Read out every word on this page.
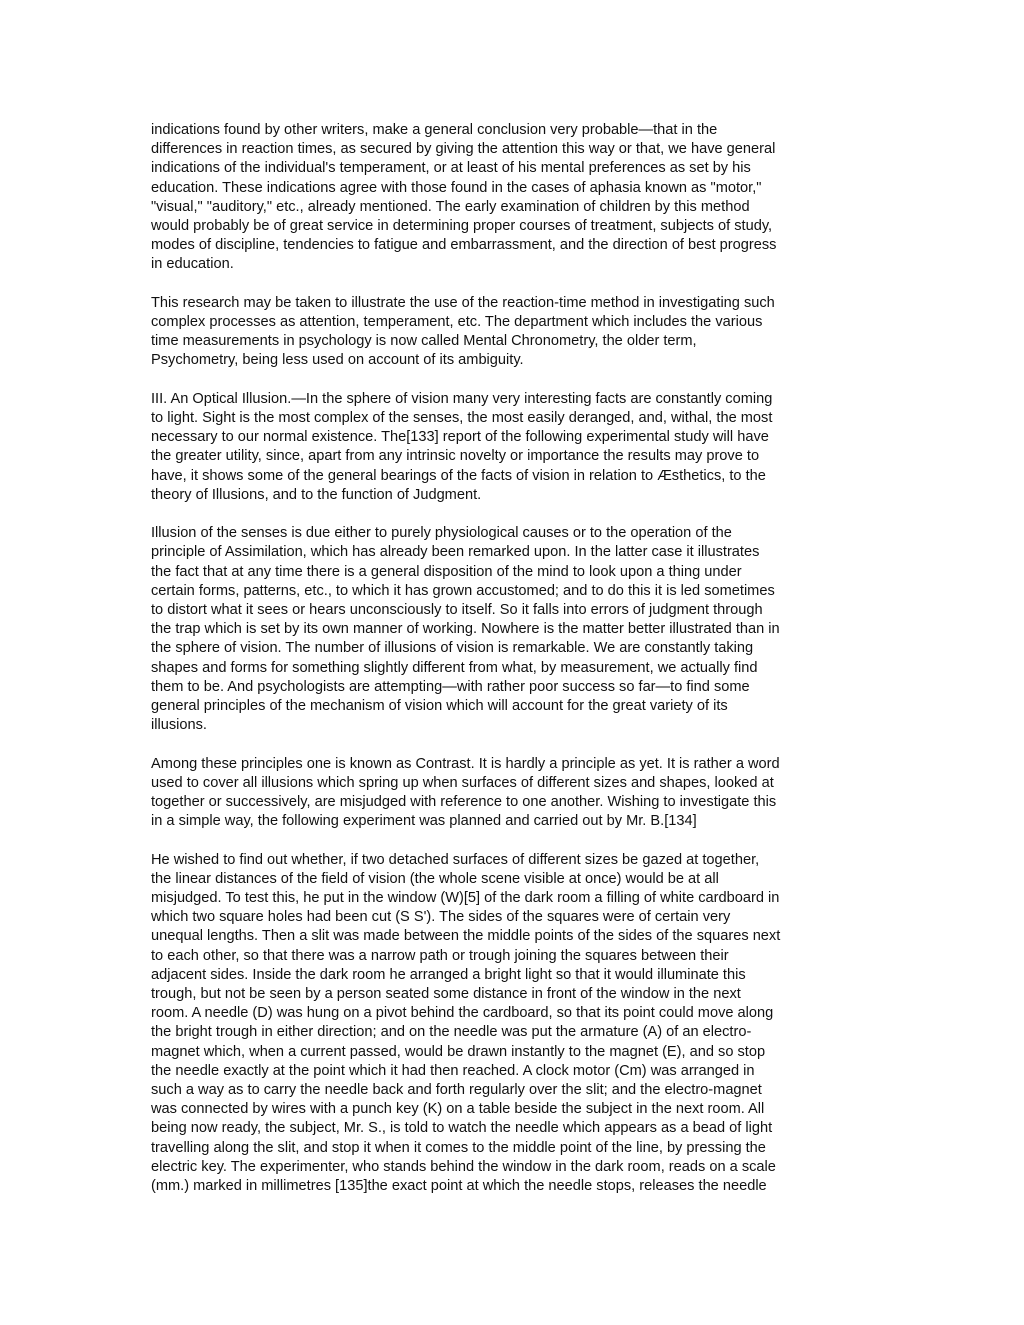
indications found by other writers, make a general conclusion very probable—that in the
differences in reaction times, as secured by giving the attention this way or that, we have general
indications of the individual's temperament, or at least of his mental preferences as set by his
education. These indications agree with those found in the cases of aphasia known as "motor,"
"visual," "auditory," etc., already mentioned. The early examination of children by this method
would probably be of great service in determining proper courses of treatment, subjects of study,
modes of discipline, tendencies to fatigue and embarrassment, and the direction of best progress
in education.

This research may be taken to illustrate the use of the reaction-time method in investigating such
complex processes as attention, temperament, etc. The department which includes the various
time measurements in psychology is now called Mental Chronometry, the older term,
Psychometry, being less used on account of its ambiguity.

III. An Optical Illusion.—In the sphere of vision many very interesting facts are constantly coming
to light. Sight is the most complex of the senses, the most easily deranged, and, withal, the most
necessary to our normal existence. The[133] report of the following experimental study will have
the greater utility, since, apart from any intrinsic novelty or importance the results may prove to
have, it shows some of the general bearings of the facts of vision in relation to Æsthetics, to the
theory of Illusions, and to the function of Judgment.

Illusion of the senses is due either to purely physiological causes or to the operation of the
principle of Assimilation, which has already been remarked upon. In the latter case it illustrates
the fact that at any time there is a general disposition of the mind to look upon a thing under
certain forms, patterns, etc., to which it has grown accustomed; and to do this it is led sometimes
to distort what it sees or hears unconsciously to itself. So it falls into errors of judgment through
the trap which is set by its own manner of working. Nowhere is the matter better illustrated than in
the sphere of vision. The number of illusions of vision is remarkable. We are constantly taking
shapes and forms for something slightly different from what, by measurement, we actually find
them to be. And psychologists are attempting—with rather poor success so far—to find some
general principles of the mechanism of vision which will account for the great variety of its
illusions.

Among these principles one is known as Contrast. It is hardly a principle as yet. It is rather a word
used to cover all illusions which spring up when surfaces of different sizes and shapes, looked at
together or successively, are misjudged with reference to one another. Wishing to investigate this
in a simple way, the following experiment was planned and carried out by Mr. B.[134]

He wished to find out whether, if two detached surfaces of different sizes be gazed at together,
the linear distances of the field of vision (the whole scene visible at once) would be at all
misjudged. To test this, he put in the window (W)[5] of the dark room a filling of white cardboard in
which two square holes had been cut (S S'). The sides of the squares were of certain very
unequal lengths. Then a slit was made between the middle points of the sides of the squares next
to each other, so that there was a narrow path or trough joining the squares between their
adjacent sides. Inside the dark room he arranged a bright light so that it would illuminate this
trough, but not be seen by a person seated some distance in front of the window in the next
room. A needle (D) was hung on a pivot behind the cardboard, so that its point could move along
the bright trough in either direction; and on the needle was put the armature (A) of an electro-
magnet which, when a current passed, would be drawn instantly to the magnet (E), and so stop
the needle exactly at the point which it had then reached. A clock motor (Cm) was arranged in
such a way as to carry the needle back and forth regularly over the slit; and the electro-magnet
was connected by wires with a punch key (K) on a table beside the subject in the next room. All
being now ready, the subject, Mr. S., is told to watch the needle which appears as a bead of light
travelling along the slit, and stop it when it comes to the middle point of the line, by pressing the
electric key. The experimenter, who stands behind the window in the dark room, reads on a scale
(mm.) marked in millimetres [135]the exact point at which the needle stops, releases the needle
